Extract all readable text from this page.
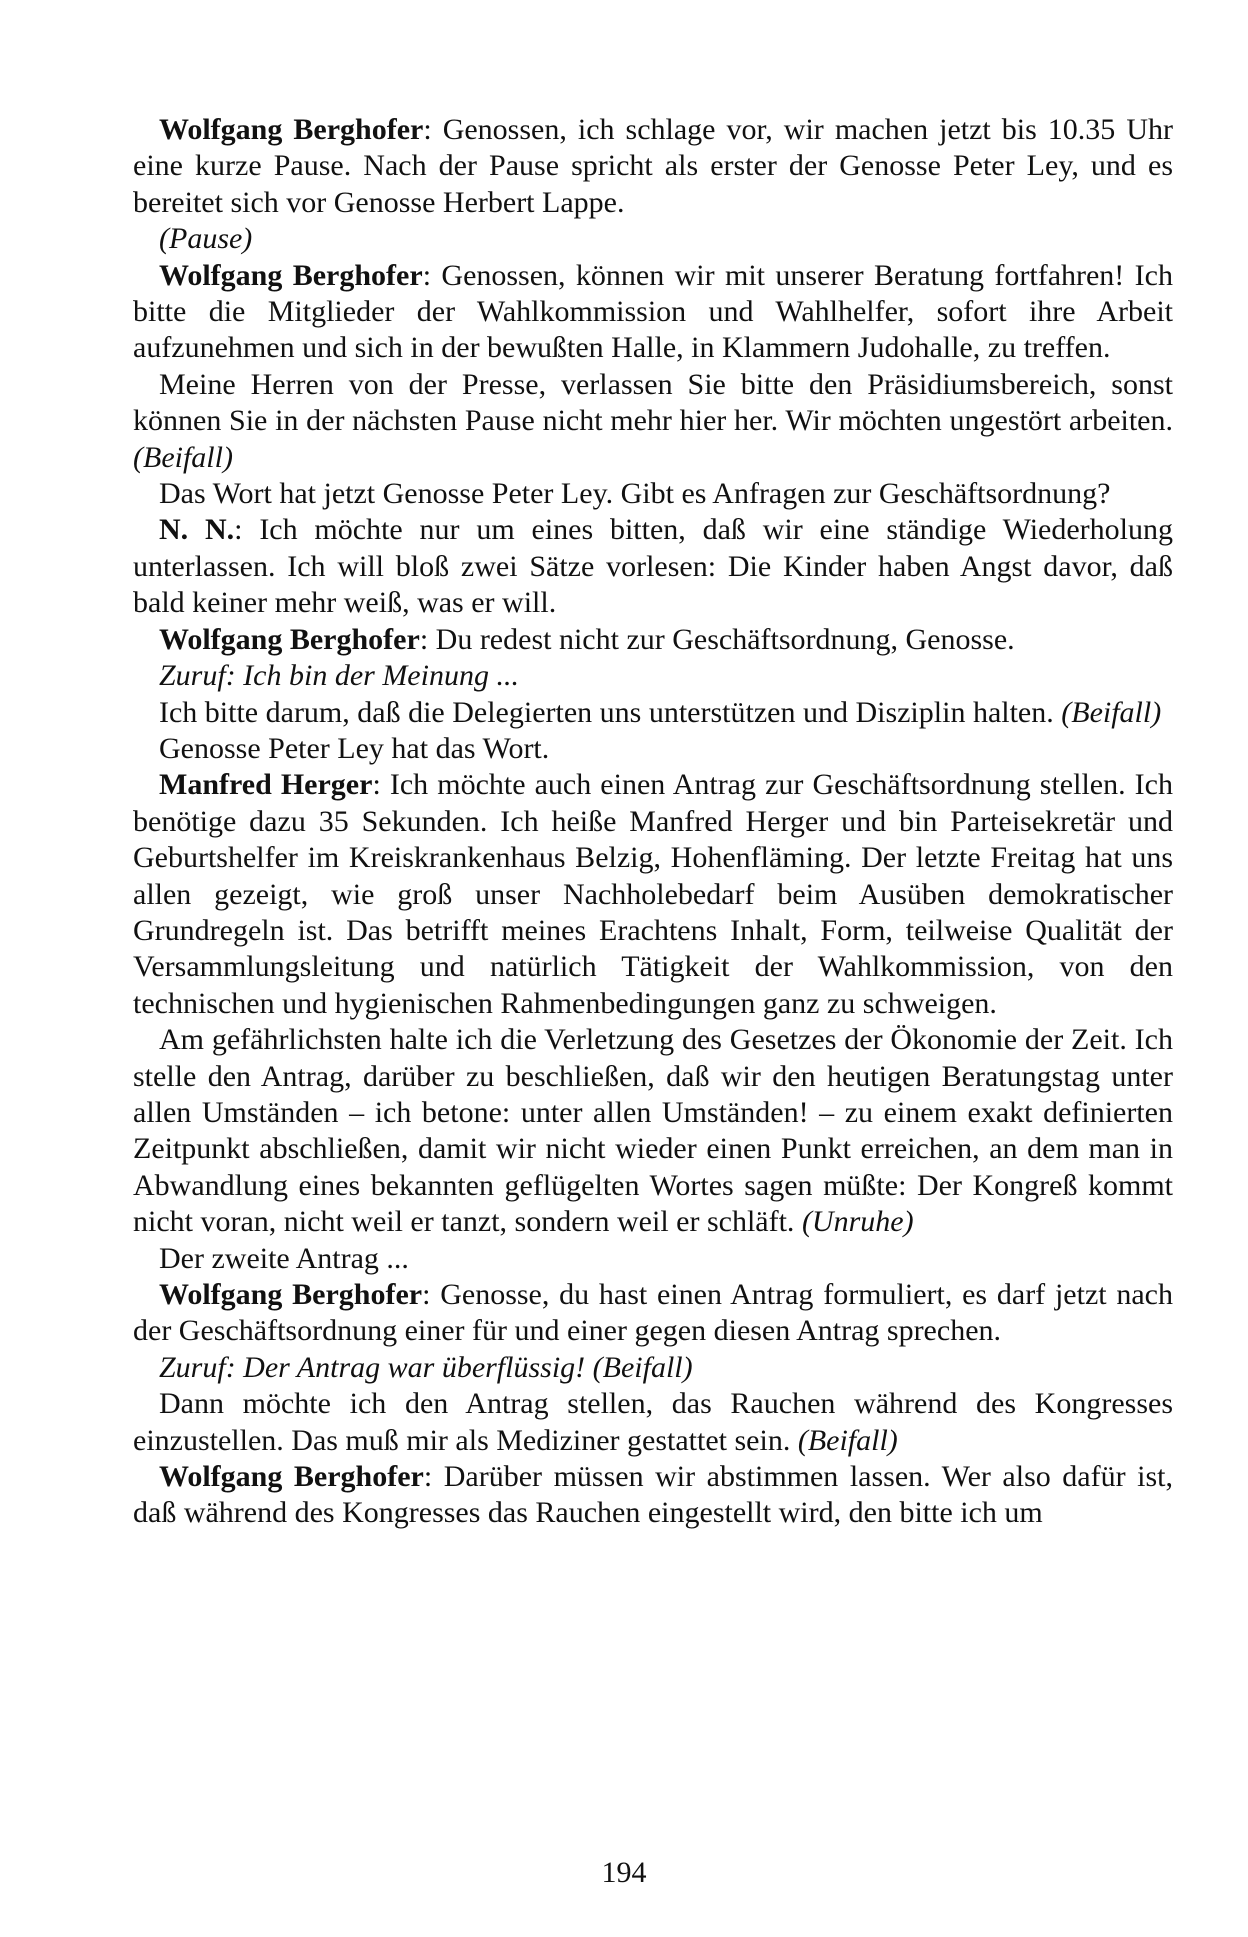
Wolfgang Berghofer: Genossen, ich schlage vor, wir machen jetzt bis 10.35 Uhr eine kurze Pause. Nach der Pause spricht als erster der Genosse Peter Ley, und es bereitet sich vor Genosse Herbert Lappe.

(Pause)

Wolfgang Berghofer: Genossen, können wir mit unserer Beratung fortfahren! Ich bitte die Mitglieder der Wahlkommission und Wahlhelfer, sofort ihre Arbeit aufzunehmen und sich in der bewußten Halle, in Klammern Judohalle, zu treffen.

Meine Herren von der Presse, verlassen Sie bitte den Präsidiumsbereich, sonst können Sie in der nächsten Pause nicht mehr hier her. Wir möchten ungestört arbeiten. (Beifall)

Das Wort hat jetzt Genosse Peter Ley. Gibt es Anfragen zur Geschäftsordnung?

N. N.: Ich möchte nur um eines bitten, daß wir eine ständige Wiederholung unterlassen. Ich will bloß zwei Sätze vorlesen: Die Kinder haben Angst davor, daß bald keiner mehr weiß, was er will.

Wolfgang Berghofer: Du redest nicht zur Geschäftsordnung, Genosse.

Zuruf: Ich bin der Meinung ...

Ich bitte darum, daß die Delegierten uns unterstützen und Disziplin halten. (Beifall)

Genosse Peter Ley hat das Wort.

Manfred Herger: Ich möchte auch einen Antrag zur Geschäftsordnung stellen. Ich benötige dazu 35 Sekunden. Ich heiße Manfred Herger und bin Parteisekretär und Geburtshelfer im Kreiskrankenhaus Belzig, Hohenfläming. Der letzte Freitag hat uns allen gezeigt, wie groß unser Nachholebedarf beim Ausüben demokratischer Grundregeln ist. Das betrifft meines Erachtens Inhalt, Form, teilweise Qualität der Versammlungsleitung und natürlich Tätigkeit der Wahlkommission, von den technischen und hygienischen Rahmenbedingungen ganz zu schweigen.

Am gefährlichsten halte ich die Verletzung des Gesetzes der Ökonomie der Zeit. Ich stelle den Antrag, darüber zu beschließen, daß wir den heutigen Beratungstag unter allen Umständen – ich betone: unter allen Umständen! – zu einem exakt definierten Zeitpunkt abschließen, damit wir nicht wieder einen Punkt erreichen, an dem man in Abwandlung eines bekannten geflügelten Wortes sagen müßte: Der Kongreß kommt nicht voran, nicht weil er tanzt, sondern weil er schläft. (Unruhe)

Der zweite Antrag ...

Wolfgang Berghofer: Genosse, du hast einen Antrag formuliert, es darf jetzt nach der Geschäftsordnung einer für und einer gegen diesen Antrag sprechen.

Zuruf: Der Antrag war überflüssig! (Beifall)

Dann möchte ich den Antrag stellen, das Rauchen während des Kongresses einzustellen. Das muß mir als Mediziner gestattet sein. (Beifall)

Wolfgang Berghofer: Darüber müssen wir abstimmen lassen. Wer also dafür ist, daß während des Kongresses das Rauchen eingestellt wird, den bitte ich um

194
